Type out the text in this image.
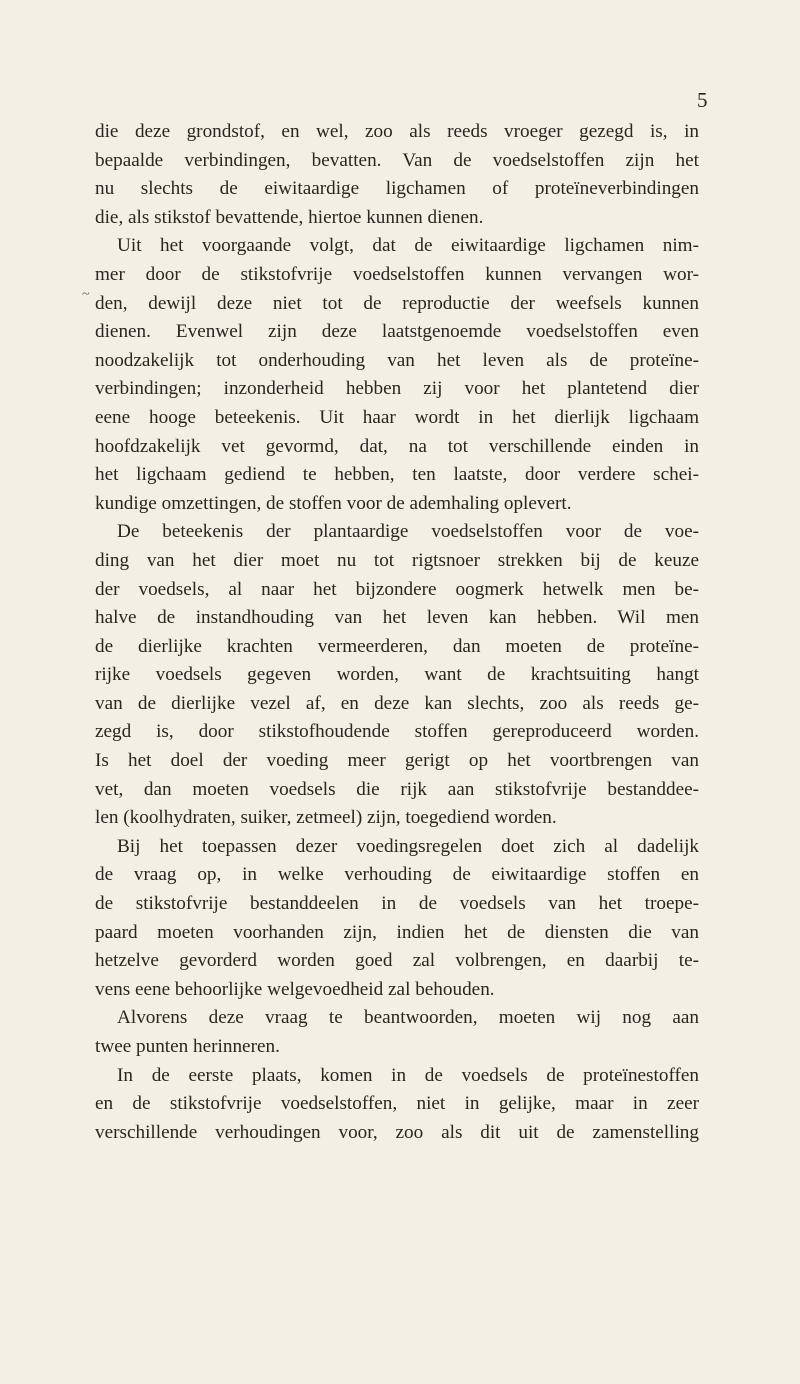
5
~
die deze grondstof, en wel, zoo als reeds vroeger gezegd is, in
bepaalde verbindingen, bevatten. Van de voedselstoffen zijn het
nu slechts de eiwitaardige ligchamen of proteïneverbindingen
die, als stikstof bevattende, hiertoe kunnen dienen.
Uit het voorgaande volgt, dat de eiwitaardige ligchamen nim-
mer door de stikstofvrije voedselstoffen kunnen vervangen wor-
den, dewijl deze niet tot de reproductie der weefsels kunnen
dienen. Evenwel zijn deze laatstgenoemde voedselstoffen even
noodzakelijk tot onderhouding van het leven als de proteïne-
verbindingen; inzonderheid hebben zij voor het plantetend dier
eene hooge beteekenis. Uit haar wordt in het dierlijk ligchaam
hoofdzakelijk vet gevormd, dat, na tot verschillende einden in
het ligchaam gediend te hebben, ten laatste, door verdere schei-
kundige omzettingen, de stoffen voor de ademhaling oplevert.
De beteekenis der plantaardige voedselstoffen voor de voe-
ding van het dier moet nu tot rigtsnoer strekken bij de keuze
der voedsels, al naar het bijzondere oogmerk hetwelk men be-
halve de instandhouding van het leven kan hebben. Wil men
de dierlijke krachten vermeerderen, dan moeten de proteïne-
rijke voedsels gegeven worden, want de krachtsuiting hangt
van de dierlijke vezel af, en deze kan slechts, zoo als reeds ge-
zegd is, door stikstofhoudende stoffen gereproduceerd worden.
Is het doel der voeding meer gerigt op het voortbrengen van
vet, dan moeten voedsels die rijk aan stikstofvrije bestanddee-
len (koolhydraten, suiker, zetmeel) zijn, toegediend worden.
Bij het toepassen dezer voedingsregelen doet zich al dadelijk
de vraag op, in welke verhouding de eiwitaardige stoffen en
de stikstofvrije bestanddeelen in de voedsels van het troepe-
paard moeten voorhanden zijn, indien het de diensten die van
hetzelve gevorderd worden goed zal volbrengen, en daarbij te-
vens eene behoorlijke welgevoedheid zal behouden.
Alvorens deze vraag te beantwoorden, moeten wij nog aan
twee punten herinneren.
In de eerste plaats, komen in de voedsels de proteïnestoffen
en de stikstofvrije voedselstoffen, niet in gelijke, maar in zeer
verschillende verhoudingen voor, zoo als dit uit de zamenstelling
